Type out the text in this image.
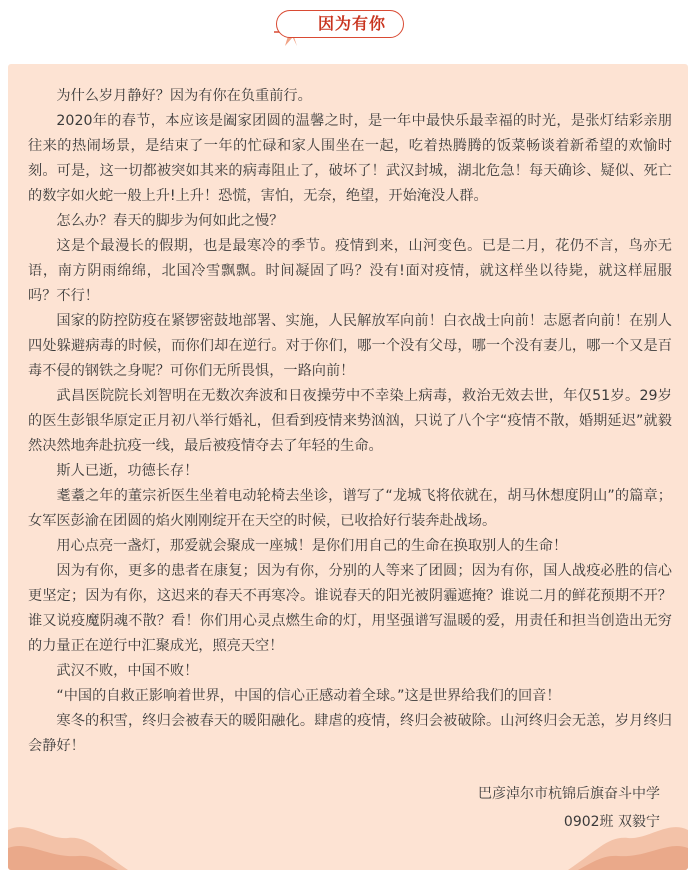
因为有你

为什么岁月静好？因为有你在负重前行。

2020年的春节，本应该是阖家团圆的温馨之时，是一年中最快乐最幸福的时光，是张灯结彩亲朋往来的热闹场景，是结束了一年的忙碌和家人围坐在一起，吃着热腾腾的饭菜畅谈着新希望的欢愉时刻。可是，这一切都被突如其来的病毒阻止了，破坏了！武汉封城，湖北危急！每天确诊、疑似、死亡的数字如火蛇一般上升!上升！恐慌，害怕，无奈，绝望，开始淹没人群。

怎么办？春天的脚步为何如此之慢？

这是个最漫长的假期，也是最寒冷的季节。疫情到来，山河变色。已是二月，花仍不言，鸟亦无语，南方阴雨绵绵，北国冷雪飘飘。时间凝固了吗？没有!面对疫情，就这样坐以待毙，就这样屈服吗？不行！

国家的防控防疫在紧锣密鼓地部署、实施，人民解放军向前！白衣战士向前！志愿者向前！在别人四处躲避病毒的时候，而你们却在逆行。对于你们，哪一个没有父母，哪一个没有妻儿，哪一个又是百毒不侵的钢铁之身呢？可你们无所畏惧，一路向前！

武昌医院院长刘智明在无数次奔波和日夜操劳中不幸染上病毒，救治无效去世，年仅51岁。29岁的医生彭银华原定正月初八举行婚礼，但看到疫情来势汹汹，只说了八个字“疫情不散，婚期延迟”就毅然决然地奔赴抗疫一线，最后被疫情夺去了年轻的生命。

斯人已逝，功德长存！

耄耋之年的董宗祈医生坐着电动轮椅去坐诊，谱写了“龙城飞将依就在，胡马休想度阴山”的篇章；女军医彭渝在团圆的焰火刚刚绽开在天空的时候，已收拾好行装奔赴战场。

用心点亮一盏灯，那爱就会聚成一座城！是你们用自己的生命在换取别人的生命！

因为有你，更多的患者在康复；因为有你，分别的人等来了团圆；因为有你，国人战疫必胜的信心更坚定；因为有你，这迟来的春天不再寒冷。谁说春天的阳光被阴霾遮掩？谁说二月的鲜花预期不开？谁又说疫魔阴魂不散？看！你们用心灵点燃生命的灯，用坚强谱写温暖的爱，用责任和担当创造出无穷的力量正在逆行中汇聚成光，照亮天空！

武汉不败，中国不败！

“中国的自救正影响着世界，中国的信心正感动着全球。”这是世界给我们的回音！

寒冬的积雪，终归会被春天的暖阳融化。肆虐的疫情，终归会被破除。山河终归会无恙，岁月终归会静好！

巴彦淖尔市杭锦后旗奋斗中学
0902班 双毅宁
